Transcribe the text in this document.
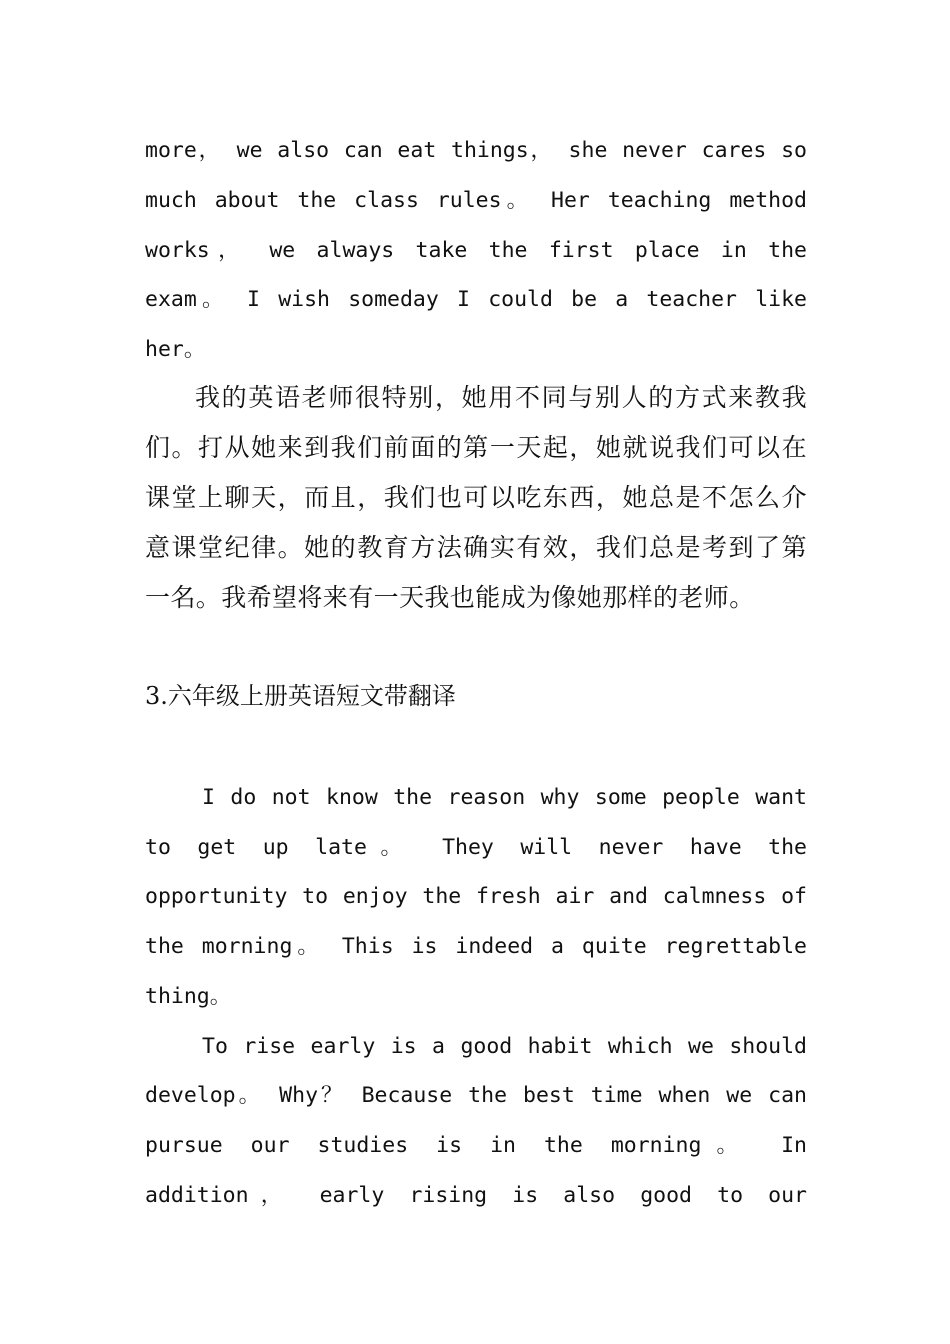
more， we also can eat things， she never cares so
much about the class rules。 Her teaching method
works， we always take the first place in the
exam。 I wish someday I could be a teacher like
her。
我的英语老师很特别，她用不同与别人的方式来教我
们。打从她来到我们前面的第一天起，她就说我们可以在
课堂上聊天，而且，我们也可以吃东西，她总是不怎么介
意课堂纪律。她的教育方法确实有效，我们总是考到了第
一名。我希望将来有一天我也能成为像她那样的老师。
3.六年级上册英语短文带翻译
I do not know the reason why some people want
to get up late。 They will never have the
opportunity to enjoy the fresh air and calmness of
the morning。 This is indeed a quite regrettable
thing。
To rise early is a good habit which we should
develop。 Why？ Because the best time when we can
pursue our studies is in the morning。 In
addition， early rising is also good to our
